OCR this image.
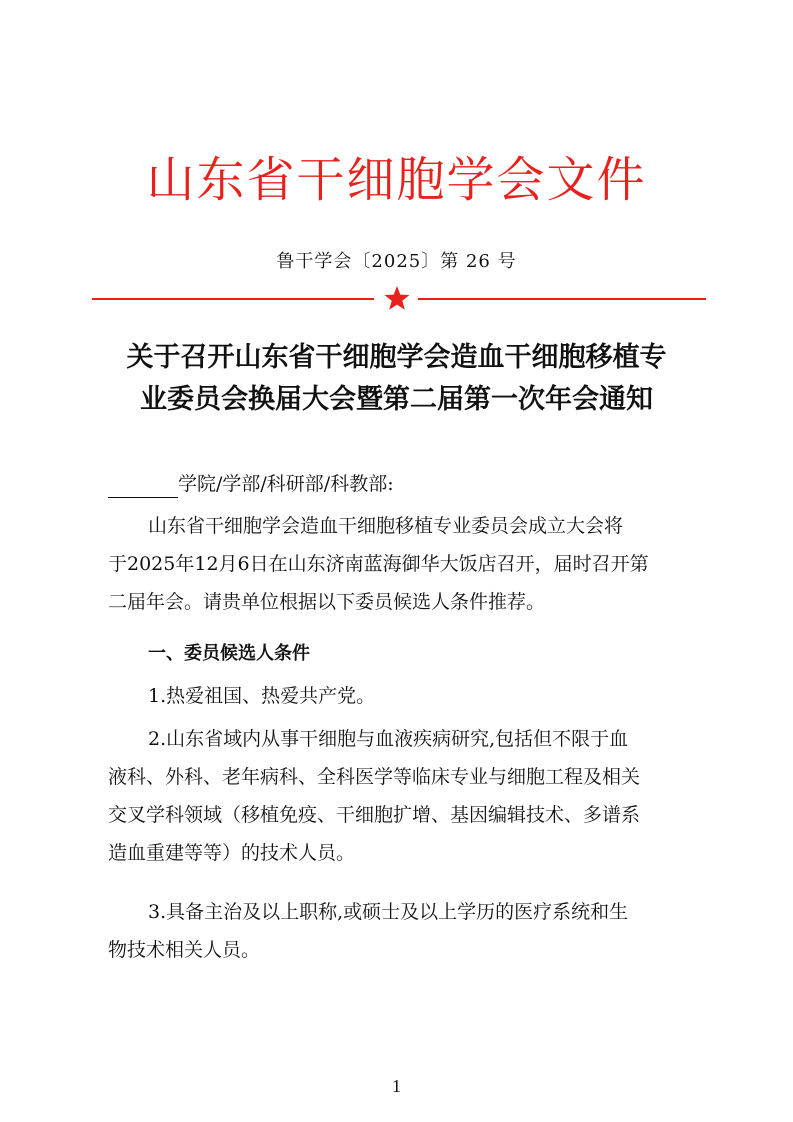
山东省干细胞学会文件
鲁干学会〔2025〕第 26 号
关于召开山东省干细胞学会造血干细胞移植专
业委员会换届大会暨第二届第一次年会通知
学院/学部/科研部/科教部:
山东省干细胞学会造血干细胞移植专业委员会成立大会将
于2025年12月6日在山东济南蓝海御华大饭店召开，届时召开第
二届年会。请贵单位根据以下委员候选人条件推荐。
一、委员候选人条件
1.热爱祖国、热爱共产党。
2.山东省域内从事干细胞与血液疾病研究,包括但不限于血
液科、外科、老年病科、全科医学等临床专业与细胞工程及相关
交叉学科领域（移植免疫、干细胞扩增、基因编辑技术、多谱系
造血重建等等）的技术人员。
3.具备主治及以上职称,或硕士及以上学历的医疗系统和生
物技术相关人员。
1
